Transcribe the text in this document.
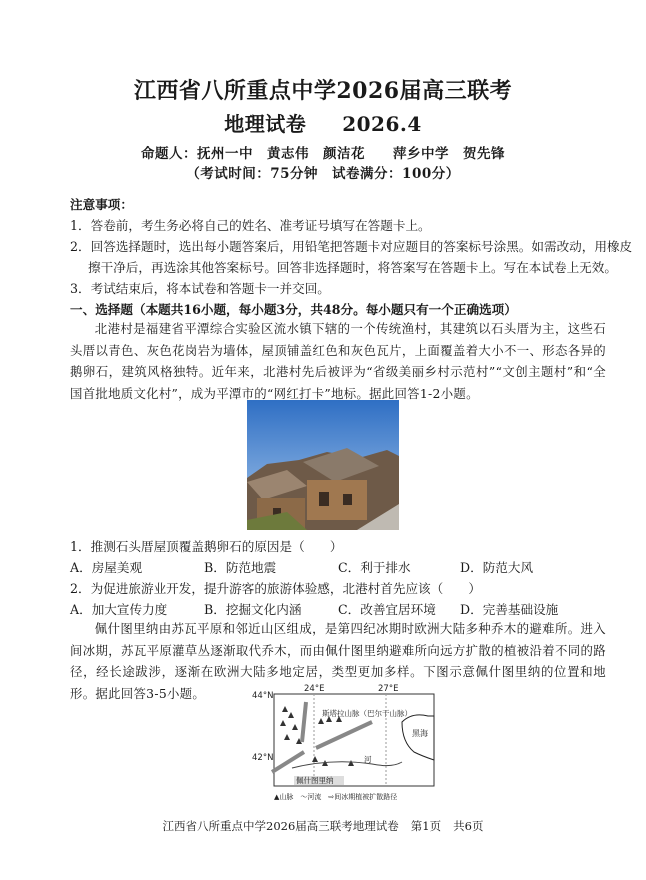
江西省八所重点中学2026届高三联考
地理试卷 2026.4
命题人：抚州一中　黄志伟　颜洁花　　萍乡中学　贺先锋
（考试时间：75分钟　试卷满分：100分）
注意事项：
1．答卷前，考生务必将自己的姓名、准考证号填写在答题卡上。
2．回答选择题时，选出每小题答案后，用铅笔把答题卡对应题目的答案标号涂黑。如需改动，用橡皮
擦干净后，再选涂其他答案标号。回答非选择题时，将答案写在答题卡上。写在本试卷上无效。
3．考试结束后，将本试卷和答题卡一并交回。
一、选择题（本题共16小题，每小题3分，共48分。每小题只有一个正确选项）
北港村是福建省平潭综合实验区流水镇下辖的一个传统渔村，其建筑以石头厝为主，这些石头厝以青色、灰色花岗岩为墙体，屋顶铺盖红色和灰色瓦片，上面覆盖着大小不一、形态各异的鹅卵石，建筑风格独特。近年来，北港村先后被评为“省级美丽乡村示范村”“文创主题村”和“全国首批地质文化村”，成为平潭市的“网红打卡”地标。据此回答1-2小题。
1．推测石头厝屋顶覆盖鹅卵石的原因是（　　）
A．房屋美观	B．防范地震	C．利于排水	D．防范大风
2．为促进旅游业开发，提升游客的旅游体验感，北港村首先应该（　　）
A．加大宣传力度	B．挖掘文化内涵	C．改善宜居环境 D．完善基础设施
佩什图里纳由苏瓦平原和邻近山区组成，是第四纪冰期时欧洲大陆多种乔木的避难所。进入间冰期，苏瓦平原灌草丛逐渐取代乔木，而由佩什图里纳避难所向远方扩散的植被沿着不同的路径，经长途跋涉，逐渐在欧洲大陆多地定居，类型更加多样。下图示意佩什图里纳的位置和地形。据此回答3-5小题。	24°E	27°E
44°N
42°N
黑海
斯塔拉山脉（巴尔干山脉）
河
佩什图里纳
▲山脉　～河流　⇨间冰期植被扩散路径
江西省八所重点中学2026届高三联考地理试卷 第1页 共6页
